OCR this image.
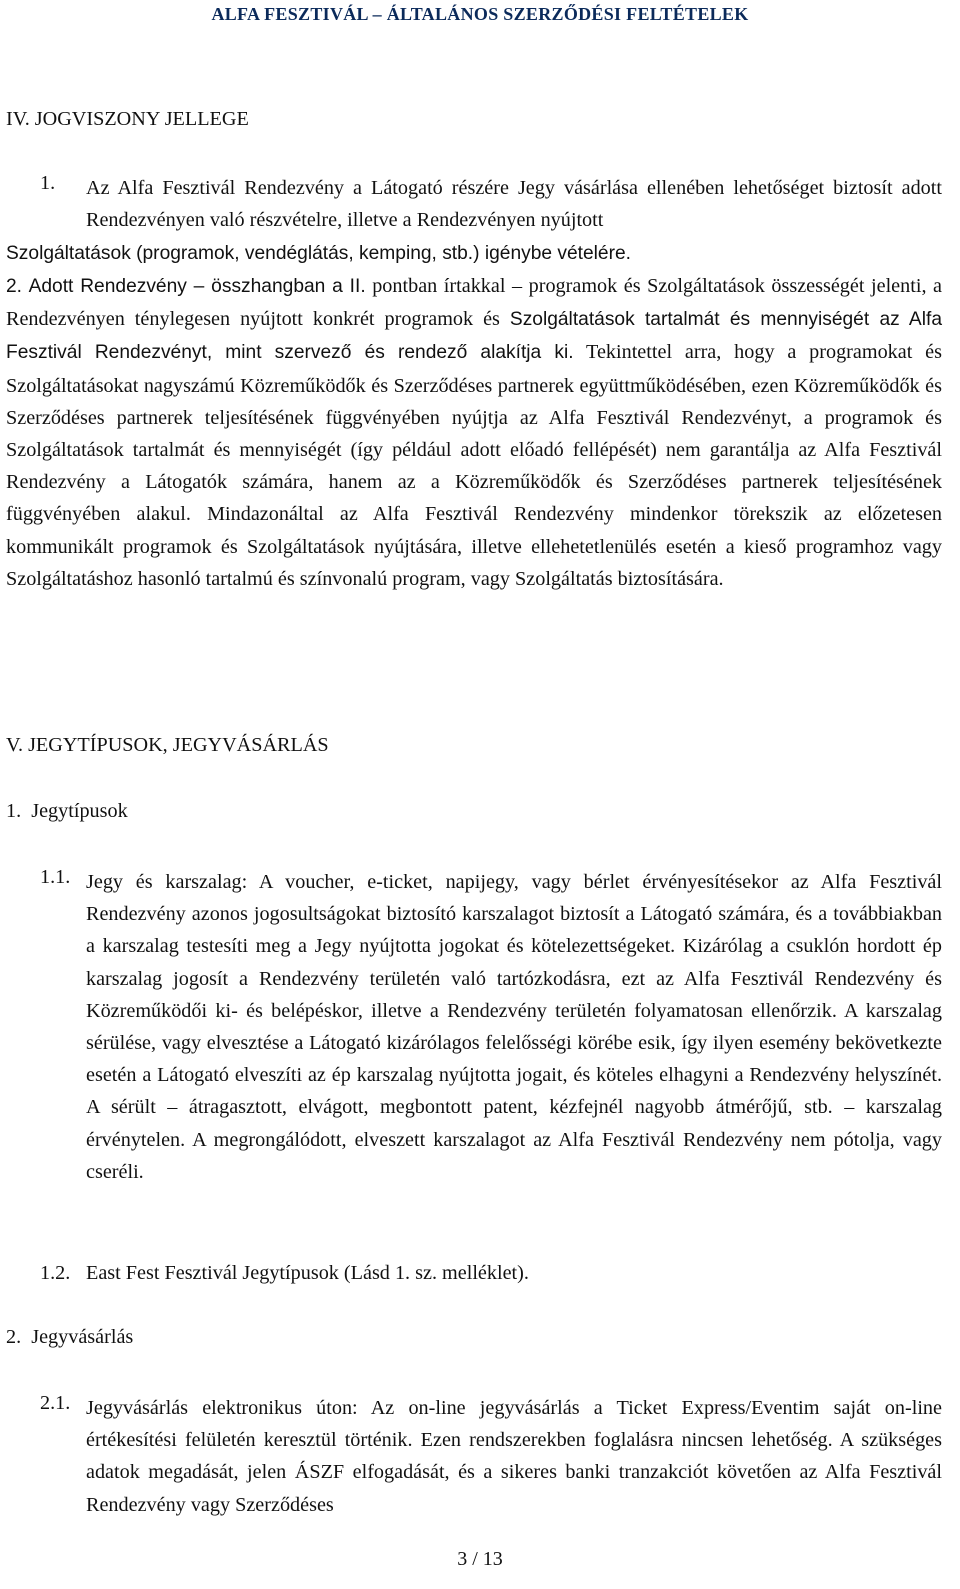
ALFA FESZTIVÁL – ÁLTALÁNOS SZERZŐDÉSI FELTÉTELEK
IV. JOGVISZONY JELLEGE
1. Az Alfa Fesztivál Rendezvény a Látogató részére Jegy vásárlása ellenében lehetőséget biztosít adott Rendezvényen való részvételre, illetve a Rendezvényen nyújtott
Szolgáltatások (programok, vendéglátás, kemping, stb.) igénybe vételére.
2. Adott Rendezvény – összhangban a II. pontban írtakkal – programok és Szolgáltatások összességét jelenti, a Rendezvényen ténylegesen nyújtott konkrét programok és Szolgáltatások tartalmát és mennyiségét az Alfa Fesztivál Rendezvényt, mint szervező és rendező alakítja ki. Tekintettel arra, hogy a programokat és Szolgáltatásokat nagyszámú Közreműködők és Szerződéses partnerek együttműködésében, ezen Közreműködők és Szerződéses partnerek teljesítésének függvényében nyújtja az Alfa Fesztivál Rendezvényt, a programok és Szolgáltatások tartalmát és mennyiségét (így például adott előadó fellépését) nem garantálja az Alfa Fesztivál Rendezvény a Látogatók számára, hanem az a Közreműködők és Szerződéses partnerek teljesítésének függvényében alakul. Mindazonáltal az Alfa Fesztivál Rendezvény mindenkor törekszik az előzetesen kommunikált programok és Szolgáltatások nyújtására, illetve ellehetetlenülés esetén a kieső programhoz vagy Szolgáltatáshoz hasonló tartalmú és színvonalú program, vagy Szolgáltatás biztosítására.
V. JEGYTÍPUSOK, JEGYVÁSÁRLÁS
1.  Jegytípusok
1.1. Jegy és karszalag: A voucher, e-ticket, napijegy, vagy bérlet érvényesítésekor az Alfa Fesztivál Rendezvény azonos jogosultságokat biztosító karszalagot biztosít a Látogató számára, és a továbbiakban a karszalag testesíti meg a Jegy nyújtotta jogokat és kötelezettségeket. Kizárólag a csuklón hordott ép karszalag jogosít a Rendezvény területén való tartózkodásra, ezt az Alfa Fesztivál Rendezvény és Közreműködői ki- és belépéskor, illetve a Rendezvény területén folyamatosan ellenőrzik. A karszalag sérülése, vagy elvesztése a Látogató kizárólagos felelősségi körébe esik, így ilyen esemény bekövetkezte esetén a Látogató elveszíti az ép karszalag nyújtotta jogait, és köteles elhagyni a Rendezvény helyszínét. A sérült – átragasztott, elvágott, megbontott patent, kézfejnél nagyobb átmérőjű, stb. – karszalag érvénytelen. A megrongálódott, elveszett karszalagot az Alfa Fesztivál Rendezvény nem pótolja, vagy cseréli.
1.2. East Fest Fesztivál Jegytípusok (Lásd 1. sz. melléklet).
2.  Jegyvásárlás
2.1. Jegyvásárlás elektronikus úton: Az on-line jegyvásárlás a Ticket Express/Eventim saját on-line értékesítési felületén keresztül történik. Ezen rendszerekben foglalásra nincsen lehetőség. A szükséges adatok megadását, jelen ÁSZF elfogadását, és a sikeres banki tranzakciót követően az Alfa Fesztivál Rendezvény vagy Szerződéses
3 / 13
